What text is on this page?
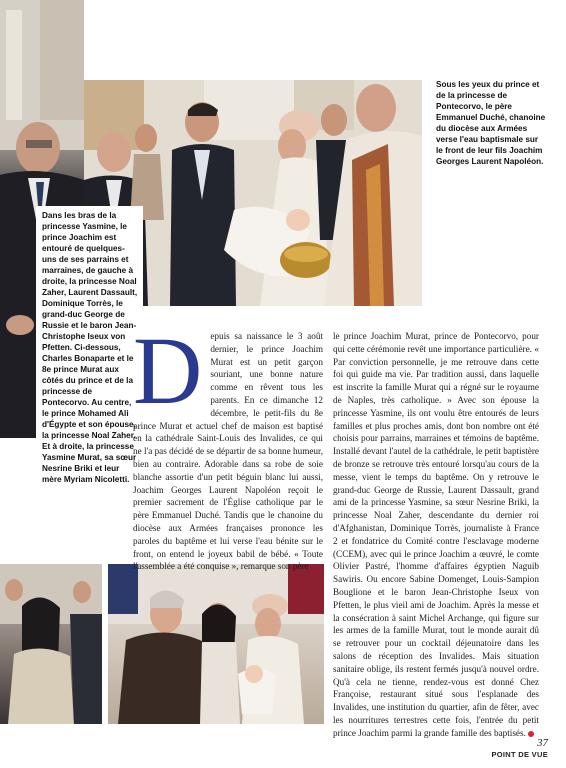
Sous les yeux du prince et de la princesse de Pontecorvo, le père Emmanuel Duché, chanoine du diocèse aux Armées verse l'eau baptismale sur le front de leur fils Joachim Georges Laurent Napoléon.
Dans les bras de la princesse Yasmine, le prince Joachim est entouré de quelques-uns de ses parrains et marraines, de gauche à droite, la princesse Noal Zaher, Laurent Dassault, Dominique Torrès, le grand-duc George de Russie et le baron Jean-Christophe Iseux von Pfetten. Ci-dessous, Charles Bonaparte et le 8e prince Murat aux côtés du prince et de la princesse de Pontecorvo. Au centre, le prince Mohamed Ali d'Égypte et son épouse, la princesse Noal Zaher. Et à droite, la princesse Yasmine Murat, sa sœur Nesrine Briki et leur mère Myriam Nicoletti.
Depuis sa naissance le 3 août dernier, le prince Joachim Murat est un petit garçon souriant, une bonne nature comme en rêvent tous les parents. En ce dimanche 12 décembre, le petit-fils du 8e prince Murat et actuel chef de maison est baptisé en la cathédrale Saint-Louis des Invalides, ce qui ne l'a pas décidé de se départir de sa bonne humeur, bien au contraire. Adorable dans sa robe de soie blanche assortie d'un petit béguin blanc lui aussi, Joachim Georges Laurent Napoléon reçoit le premier sacrement de l'Église catholique par le père Emmanuel Duché. Tandis que le chanoine du diocèse aux Armées françaises prononce les paroles du baptême et lui verse l'eau bénite sur le front, on entend le joyeux babil de bébé. « Toute l'assemblée a été conquise », remarque son père
le prince Joachim Murat, prince de Pontecorvo, pour qui cette cérémonie revêt une importance particulière. « Par conviction personnelle, je me retrouve dans cette foi qui guide ma vie. Par tradition aussi, dans laquelle est inscrite la famille Murat qui a régné sur le royaume de Naples, très catholique. » Avec son épouse la princesse Yasmine, ils ont voulu être entourés de leurs familles et plus proches amis, dont bon nombre ont été choisis pour parrains, marraines et témoins de baptême. Installé devant l'autel de la cathédrale, le petit baptistère de bronze se retrouve très entouré lorsqu'au cours de la messe, vient le temps du baptême. On y retrouve le grand-duc George de Russie, Laurent Dassault, grand ami de la princesse Yasmine, sa sœur Nesrine Briki, la princesse Noal Zaher, descendante du dernier roi d'Afghanistan, Dominique Torrès, journaliste à France 2 et fondatrice du Comité contre l'esclavage moderne (CCEM), avec qui le prince Joachim a œuvré, le comte Olivier Pastré, l'homme d'affaires égyptien Naguib Sawiris. Ou encore Sabine Domenget, Louis-Sampion Bouglione et le baron Jean-Christophe Iseux von Pfetten, le plus vieil ami de Joachim. Après la messe et la consécration à saint Michel Archange, qui figure sur les armes de la famille Murat, tout le monde aurait dû se retrouver pour un cocktail déjeunatoire dans les salons de réception des Invalides. Mais situation sanitaire oblige, ils restent fermés jusqu'à nouvel ordre. Qu'à cela ne tienne, rendez-vous est donné Chez Françoise, restaurant situé sous l'esplanade des Invalides, une institution du quartier, afin de fêter, avec les nourritures terrestres cette fois, l'entrée du petit prince Joachim parmi la grande famille des baptisés.
37
POINT DE VUE
